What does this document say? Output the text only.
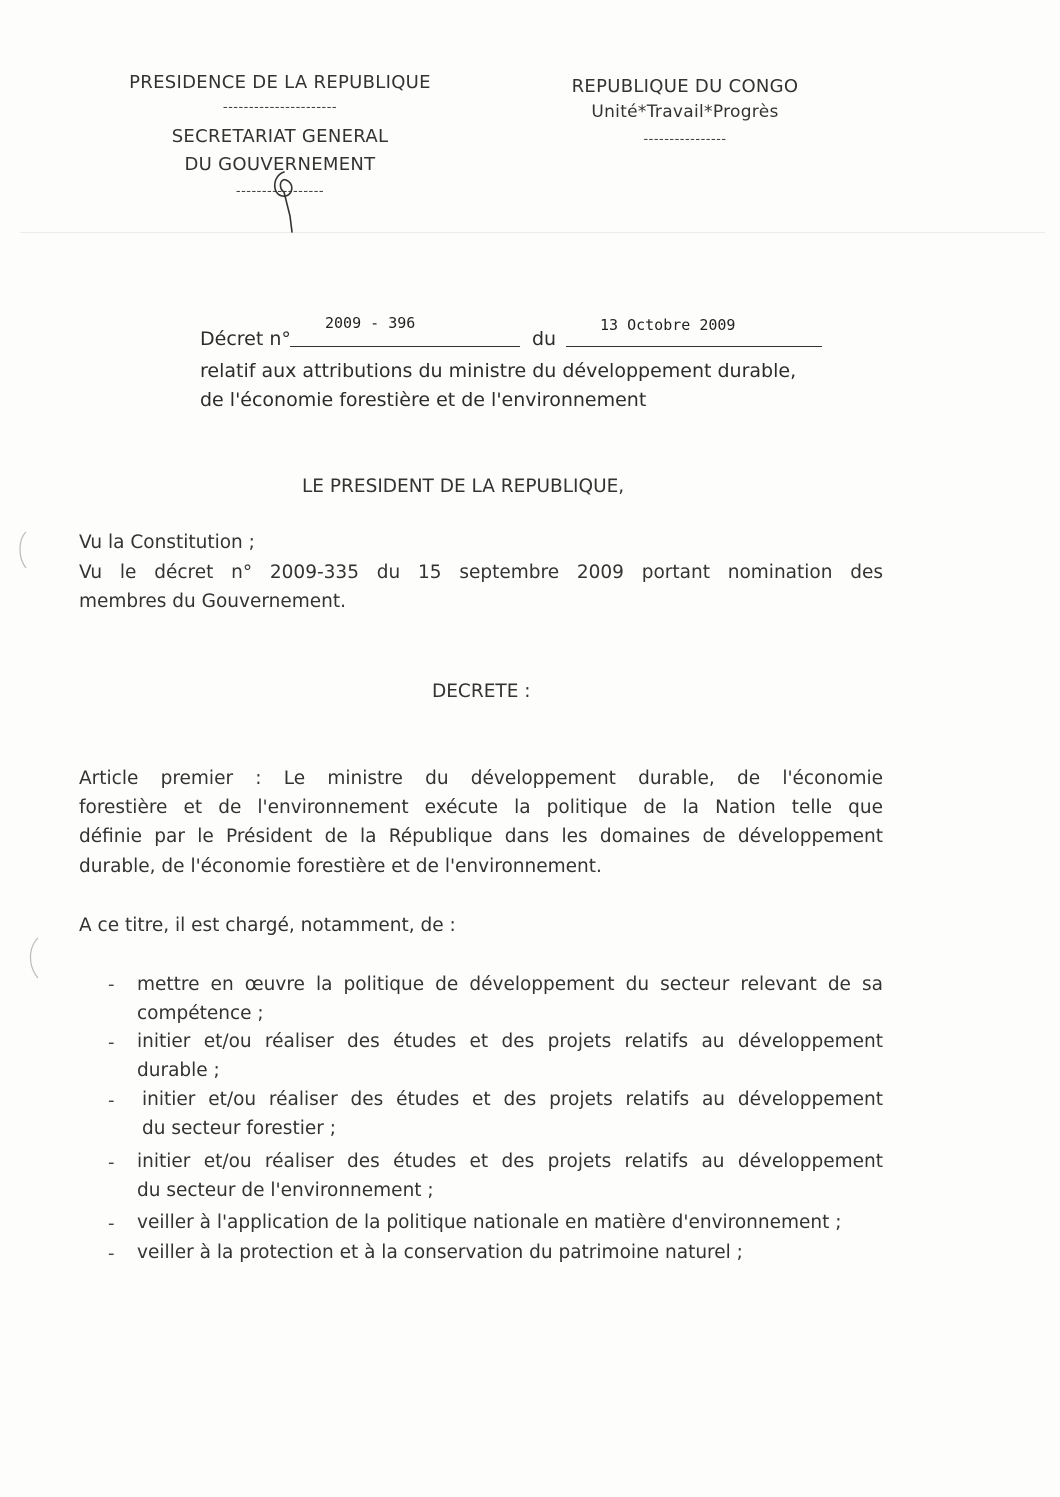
PRESIDENCE DE LA REPUBLIQUE
----------------------
SECRETARIAT GENERAL
DU GOUVERNEMENT
-----------------
REPUBLIQUE DU CONGO
Unité*Travail*Progrès
----------------
Décret n°
2009 - 396
du
13 Octobre 2009
relatif aux attributions du ministre du développement durable,
de l'économie forestière et de l'environnement
LE PRESIDENT DE LA REPUBLIQUE,
Vu la Constitution ;
Vu le décret n° 2009-335 du 15 septembre 2009 portant nomination des
membres du Gouvernement.
DECRETE :
Article premier : Le ministre du développement durable, de l'économie
forestière et de l'environnement exécute la politique de la Nation telle que
définie par le Président de la République dans les domaines de développement
durable, de l'économie forestière et de l'environnement.
A ce titre, il est chargé, notamment, de :
- mettre en œuvre la politique de développement du secteur relevant de sa
compétence ;
- initier et/ou réaliser des études et des projets relatifs au développement
durable ;
- initier et/ou réaliser des études et des projets relatifs au développement
du secteur forestier ;
- initier et/ou réaliser des études et des projets relatifs au développement
du secteur de l'environnement ;
- veiller à l'application de la politique nationale en matière d'environnement ;
- veiller à la protection et à la conservation du patrimoine naturel ;
